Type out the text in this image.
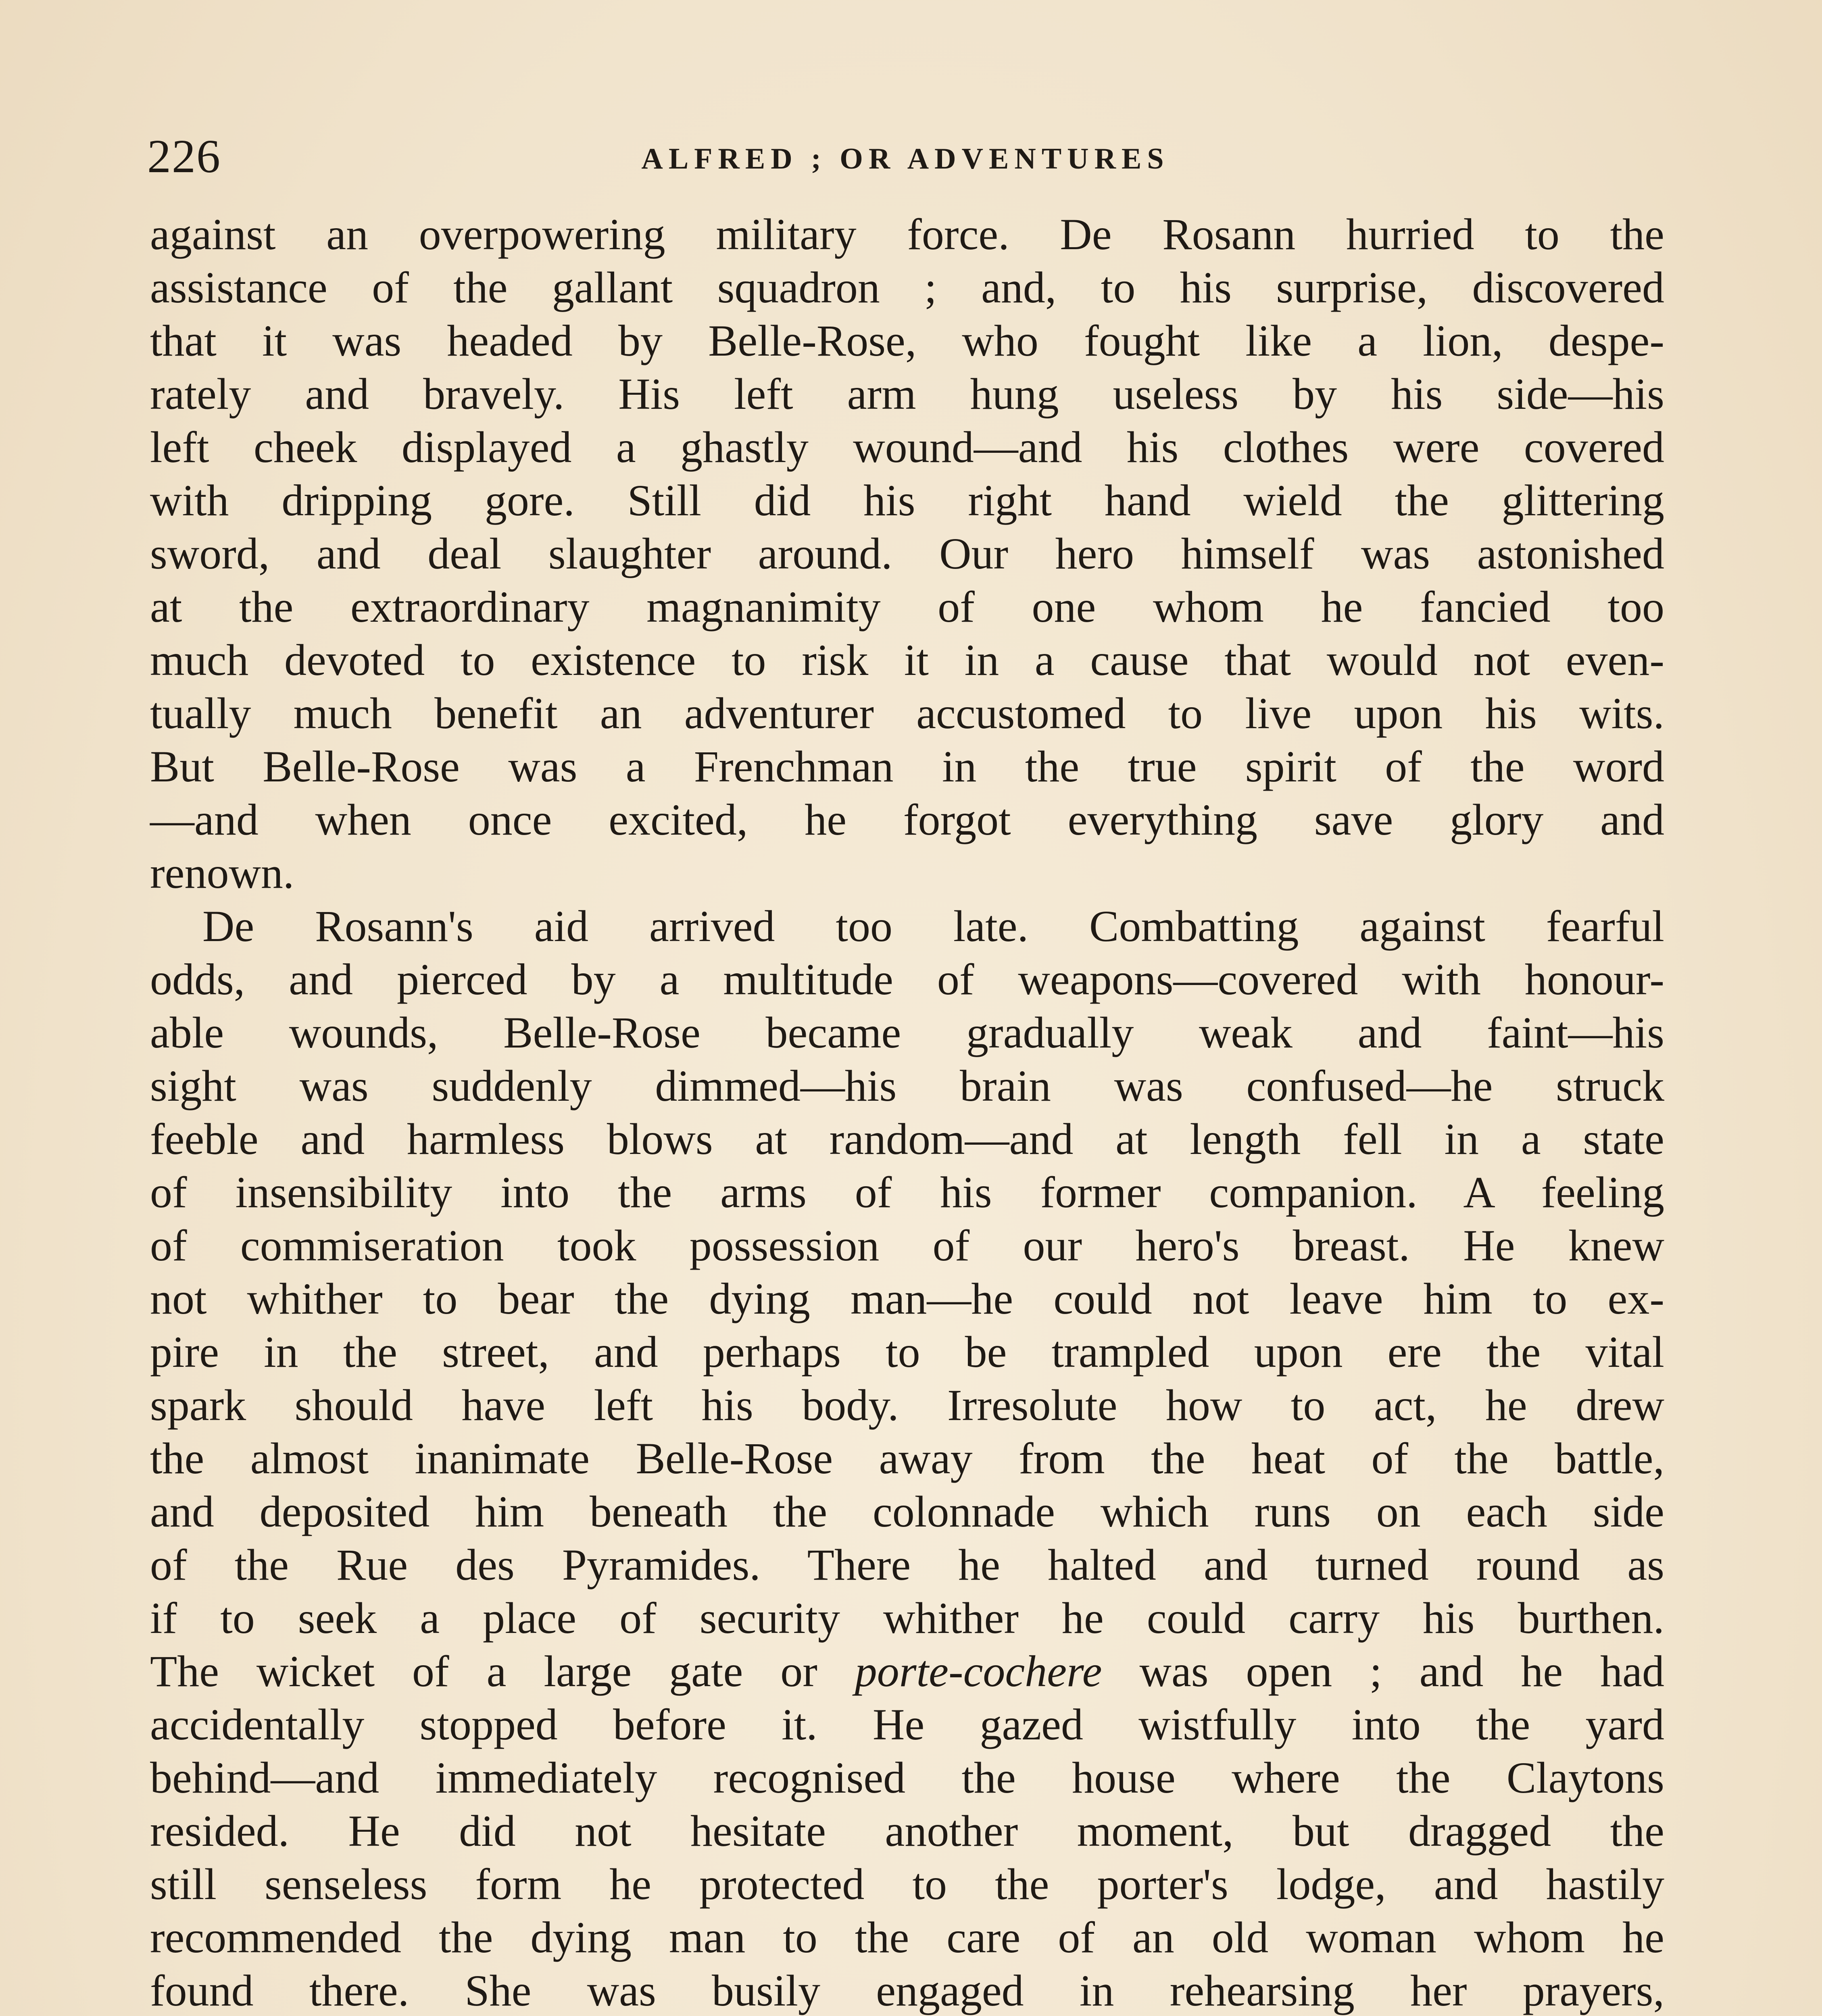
226	ALFRED ; OR ADVENTURES
against an overpowering military force. De Rosann hurried to the
assistance of the gallant squadron ; and, to his surprise, discovered
that it was headed by Belle-Rose, who fought like a lion, despe-
rately and bravely. His left arm hung useless by his side—his
left cheek displayed a ghastly wound—and his clothes were covered
with dripping gore. Still did his right hand wield the glittering
sword, and deal slaughter around. Our hero himself was astonished
at the extraordinary magnanimity of one whom he fancied too
much devoted to existence to risk it in a cause that would not even-
tually much benefit an adventurer accustomed to live upon his wits.
But Belle-Rose was a Frenchman in the true spirit of the word
—and when once excited, he forgot everything save glory and
renown.
De Rosann's aid arrived too late. Combatting against fearful
odds, and pierced by a multitude of weapons—covered with honour-
able wounds, Belle-Rose became gradually weak and faint—his
sight was suddenly dimmed—his brain was confused—he struck
feeble and harmless blows at random—and at length fell in a state
of insensibility into the arms of his former companion. A feeling
of commiseration took possession of our hero's breast. He knew
not whither to bear the dying man—he could not leave him to ex-
pire in the street, and perhaps to be trampled upon ere the vital
spark should have left his body. Irresolute how to act, he drew
the almost inanimate Belle-Rose away from the heat of the battle,
and deposited him beneath the colonnade which runs on each side
of the Rue des Pyramides. There he halted and turned round as
if to seek a place of security whither he could carry his burthen.
The wicket of a large gate or porte-cochere was open ; and he had
accidentally stopped before it. He gazed wistfully into the yard
behind—and immediately recognised the house where the Claytons
resided. He did not hesitate another moment, but dragged the
still senseless form he protected to the porter's lodge, and hastily
recommended the dying man to the care of an old woman whom he
found there. She was busily engaged in rehearsing her prayers,
